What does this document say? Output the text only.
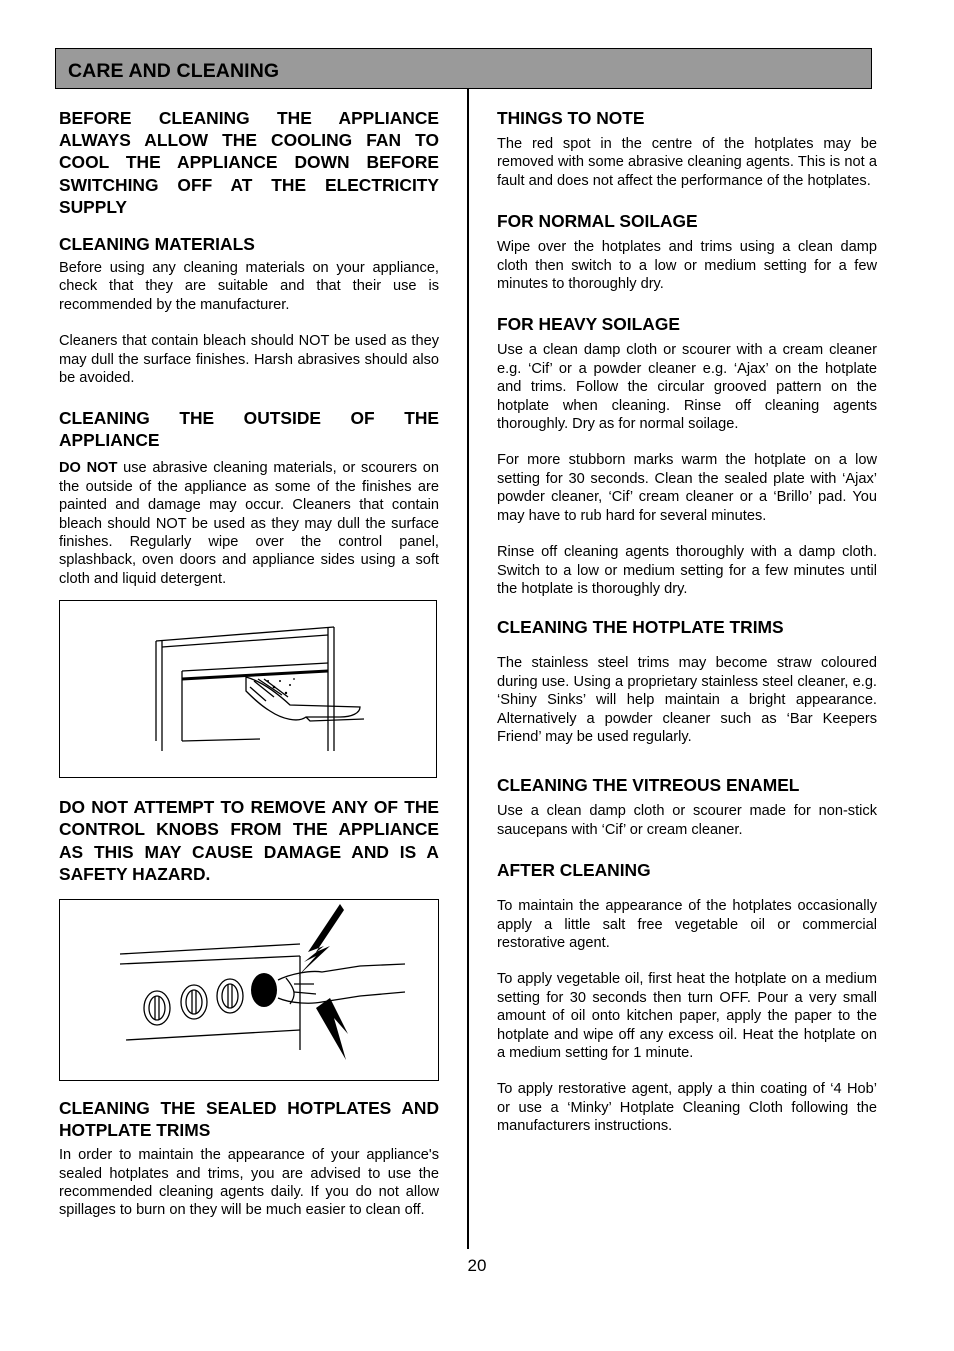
CARE AND CLEANING
BEFORE CLEANING THE APPLIANCE ALWAYS ALLOW THE COOLING FAN TO COOL THE APPLIANCE DOWN BEFORE SWITCHING OFF AT THE ELECTRICITY SUPPLY
CLEANING MATERIALS

Before using any cleaning materials on your appliance, check that they are suitable and that their use is recommended by the manufacturer.

Cleaners that contain bleach should NOT be used as they may dull the surface finishes. Harsh abrasives should also be avoided.

CLEANING THE OUTSIDE OF THE APPLIANCE

DO NOT use abrasive cleaning materials, or scourers on the outside of the appliance as some of the finishes are painted and damage may occur. Cleaners that contain bleach should NOT be used as they may dull the surface finishes. Regularly wipe over the control panel, splashback, oven doors and appliance sides using a soft cloth and liquid detergent.

DO NOT ATTEMPT TO REMOVE ANY OF THE CONTROL KNOBS FROM THE APPLIANCE AS THIS MAY CAUSE DAMAGE AND IS A SAFETY HAZARD.
CLEANING THE SEALED HOTPLATES AND HOTPLATE TRIMS

In order to maintain the appearance of your appliance's sealed hotplates and trims, you are advised to use the recommended cleaning agents daily. If you do not allow spillages to burn on they will be much easier to clean off.

THINGS TO NOTE

The red spot in the centre of the hotplates may be removed with some abrasive cleaning agents. This is not a fault and does not affect the performance of the hotplates.

FOR NORMAL SOILAGE

Wipe over the hotplates and trims using a clean damp cloth then switch to a low or medium setting for a few minutes to thoroughly dry.

FOR HEAVY SOILAGE

Use a clean damp cloth or scourer with a cream cleaner e.g. ‘Cif’ or a powder cleaner e.g. ‘Ajax’ on the hotplate and trims. Follow the circular grooved pattern on the hotplate when cleaning. Rinse off cleaning agents thoroughly. Dry as for normal soilage.

For more stubborn marks warm the hotplate on a low setting for 30 seconds. Clean the sealed plate with ‘Ajax’ powder cleaner, ‘Cif’ cream cleaner or a ‘Brillo’ pad. You may have to rub hard for several minutes.

Rinse off cleaning agents thoroughly with a damp cloth. Switch to a low or medium setting for a few minutes until the hotplate is thoroughly dry.

CLEANING THE HOTPLATE TRIMS

The stainless steel trims may become straw coloured during use. Using a proprietary stainless steel cleaner, e.g. ‘Shiny Sinks’ will help maintain a bright appearance. Alternatively a powder cleaner such as ‘Bar Keepers Friend’ may be used regularly.

CLEANING THE VITREOUS ENAMEL

Use a clean damp cloth or scourer made for non-stick saucepans with ‘Cif’ or cream cleaner.

AFTER CLEANING

To maintain the appearance of the hotplates occasionally apply a little salt free vegetable oil or commercial restorative agent.

To apply vegetable oil, first heat the hotplate on a medium setting for 30 seconds then turn OFF. Pour a very small amount of oil onto kitchen paper, apply the paper to the hotplate and wipe off any excess oil. Heat the hotplate on a medium setting for 1 minute.

To apply restorative agent, apply a thin coating of ‘4 Hob’ or use a ‘Minky’ Hotplate Cleaning Cloth following the manufacturers instructions.

20
